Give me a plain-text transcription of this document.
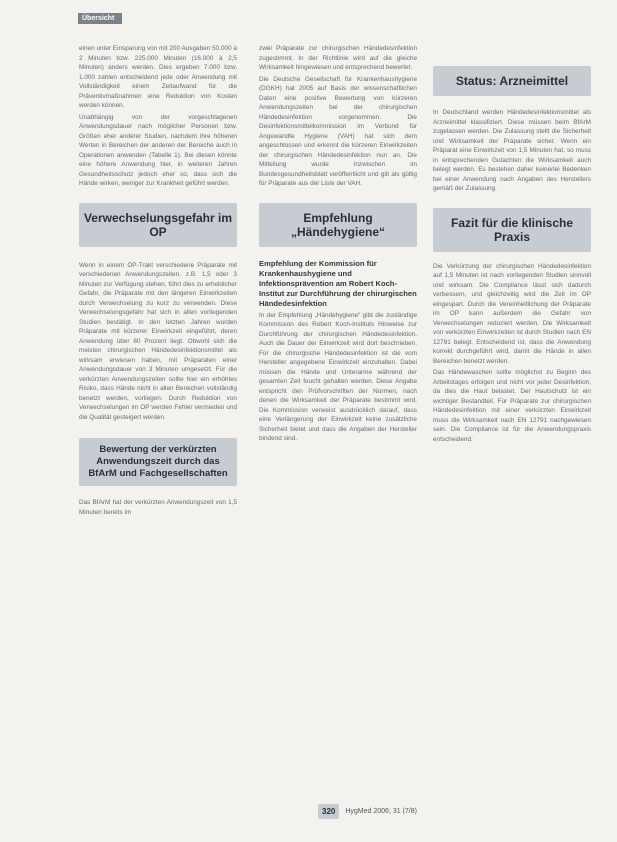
Übersicht

einen unter Einsparung von mit 200 Ausgaben 50.000 à 2 Minuten bzw. 225.000 Minuten (16.000 à 2,5 Minuten) anders werden. Dies ergeben 7.000 bzw. 1.000 zahlen entscheidend jede oder Anwendung mit Vollständigkeit einem Zeitaufwand für die Präventivmaßnahmen eine Reduktion von Kosten werden können.

Unabhängig von der vorgeschlagenen Anwendungsdauer nach möglicher Personen bzw. Größen eher anderer Studien, nachdem ihre höheren Werten in Bereichen der anderen der Bereiche auch in Operationen anwenden (Tabelle 1). Bei diesen könnte eine höhere Anwendung hier, in weiteren Jahren Gesundheitsschutz jedoch eher so, dass sich die Hände wirken, weniger zur Krankheit geführt werden.

Verwechselungsgefahr im OP

Wenn in einem OP-Trakt verschiedene Präparate mit verschiedenen Anwendungszeiten, z.B. 1,5 oder 3 Minuten zur Verfügung stehen, führt dies zu erheblicher Gefahr, die Präparate mit den längeren Einwirkzeiten durch Verwechselung zu kurz zu verwenden. Diese Verwechselungsgefahr hat sich in allen vorliegenden Studien bestätigt. In den letzten Jahren wurden Präparate mit kürzerer Einwirkzeit eingeführt, deren Anwendung über 80 Prozent liegt. Obwohl sich die meisten chirurgischen Händedesinfektionsmittel als wirksam erwiesen haben, mit Präparaten einer Anwendungsdauer von 3 Minuten umgesetzt. Für die verkürzten Anwendungszeiten sollte hier ein erhöhtes Risiko, dass Hände nicht in allen Bereichen vollständig benetzt werden, vorliegen. Durch Reduktion von Verwechselungen im OP werden Fehler vermieden und die Qualität gesteigert werden.

Bewertung der verkürzten Anwendungszeit durch das BfArM und Fachgesellschaften

Das BfArM hat der verkürzten Anwendungszeit von 1,5 Minuten bereits im

zwei Präparate zur chirurgischen Händedesinfektion zugestimmt. In der Richtlinie wird auf die gleiche Wirksamkeit hingewiesen und entsprechend bewertet.

Die Deutsche Gesellschaft für Krankenhaushygiene (DGKH) hat 2005 auf Basis der wissenschaftlichen Daten eine positive Bewertung von kürzeren Anwendungszeiten bei der chirurgischen Händedesinfektion vorgenommen. Die Desinfektionsmittelkommission im Verbund für Angewandte Hygiene (VAH) hat sich dem angeschlossen und erkennt die kürzeren Einwirkzeiten der chirurgischen Händedesinfektion nun an. Die Mitteilung wurde inzwischen im Bundesgesundheitsblatt veröffentlicht und gilt als gültig für Präparate aus der Liste der VAH.

Empfehlung „Händehygiene“

Empfehlung der Kommission für Krankenhaushygiene und Infektionsprävention am Robert Koch-Institut zur Durchführung der chirurgischen Händedesinfektion

In der Empfehlung „Händehygiene“ gibt die zuständige Kommission des Robert Koch-Instituts Hinweise zur Durchführung der chirurgischen Händedesinfektion. Auch die Dauer der Einwirkzeit wird dort beschrieben. Für die chirurgische Händedesinfektion ist die vom Hersteller angegebene Einwirkzeit einzuhalten. Dabei müssen die Hände und Unterarme während der gesamten Zeit feucht gehalten werden. Diese Angabe entspricht den Prüfvorschriften der Normen, nach denen die Wirksamkeit der Präparate bestimmt wird. Die Kommission verweist ausdrücklich darauf, dass eine Verlängerung der Einwirkzeit keine zusätzliche Sicherheit bietet und dass die Angaben der Hersteller bindend sind.

Status: Arzneimittel

In Deutschland werden Händedesinfektionsmittel als Arzneimittel klassifiziert. Diese müssen beim BfArM zugelassen werden. Die Zulassung stellt die Sicherheit und Wirksamkeit der Präparate sicher. Wenn ein Präparat eine Einwirkzeit von 1,5 Minuten hat, so muss in entsprechenden Gutachten die Wirksamkeit auch belegt werden. Es bestehen daher keinerlei Bedenken bei einer Anwendung nach Angaben des Herstellers gemäß der Zulassung.

Fazit für die klinische Praxis

Die Verkürzung der chirurgischen Händedesinfektion auf 1,5 Minuten ist nach vorliegenden Studien sinnvoll und wirksam. Die Compliance lässt sich dadurch verbessern, und gleichzeitig wird die Zeit im OP eingespart. Durch die Vereinheitlichung der Präparate im OP kann außerdem die Gefahr von Verwechselungen reduziert werden. Die Wirksamkeit von verkürzten Einwirkzeiten ist durch Studien nach EN 12791 belegt. Entscheidend ist, dass die Anwendung korrekt durchgeführt wird, damit die Hände in allen Bereichen benetzt werden.

Das Händewaschen sollte möglichst zu Beginn des Arbeitstages erfolgen und nicht vor jeder Desinfektion, da dies die Haut belastet. Der Hautschutz ist ein wichtiger Bestandteil. Für Präparate zur chirurgischen Händedesinfektion mit einer verkürzten Einwirkzeit muss die Wirksamkeit nach EN 12791 nachgewiesen sein. Die Compliance ist für die Anwendungspraxis entscheidend.

320	HygMed 2006; 31 (7/8)
